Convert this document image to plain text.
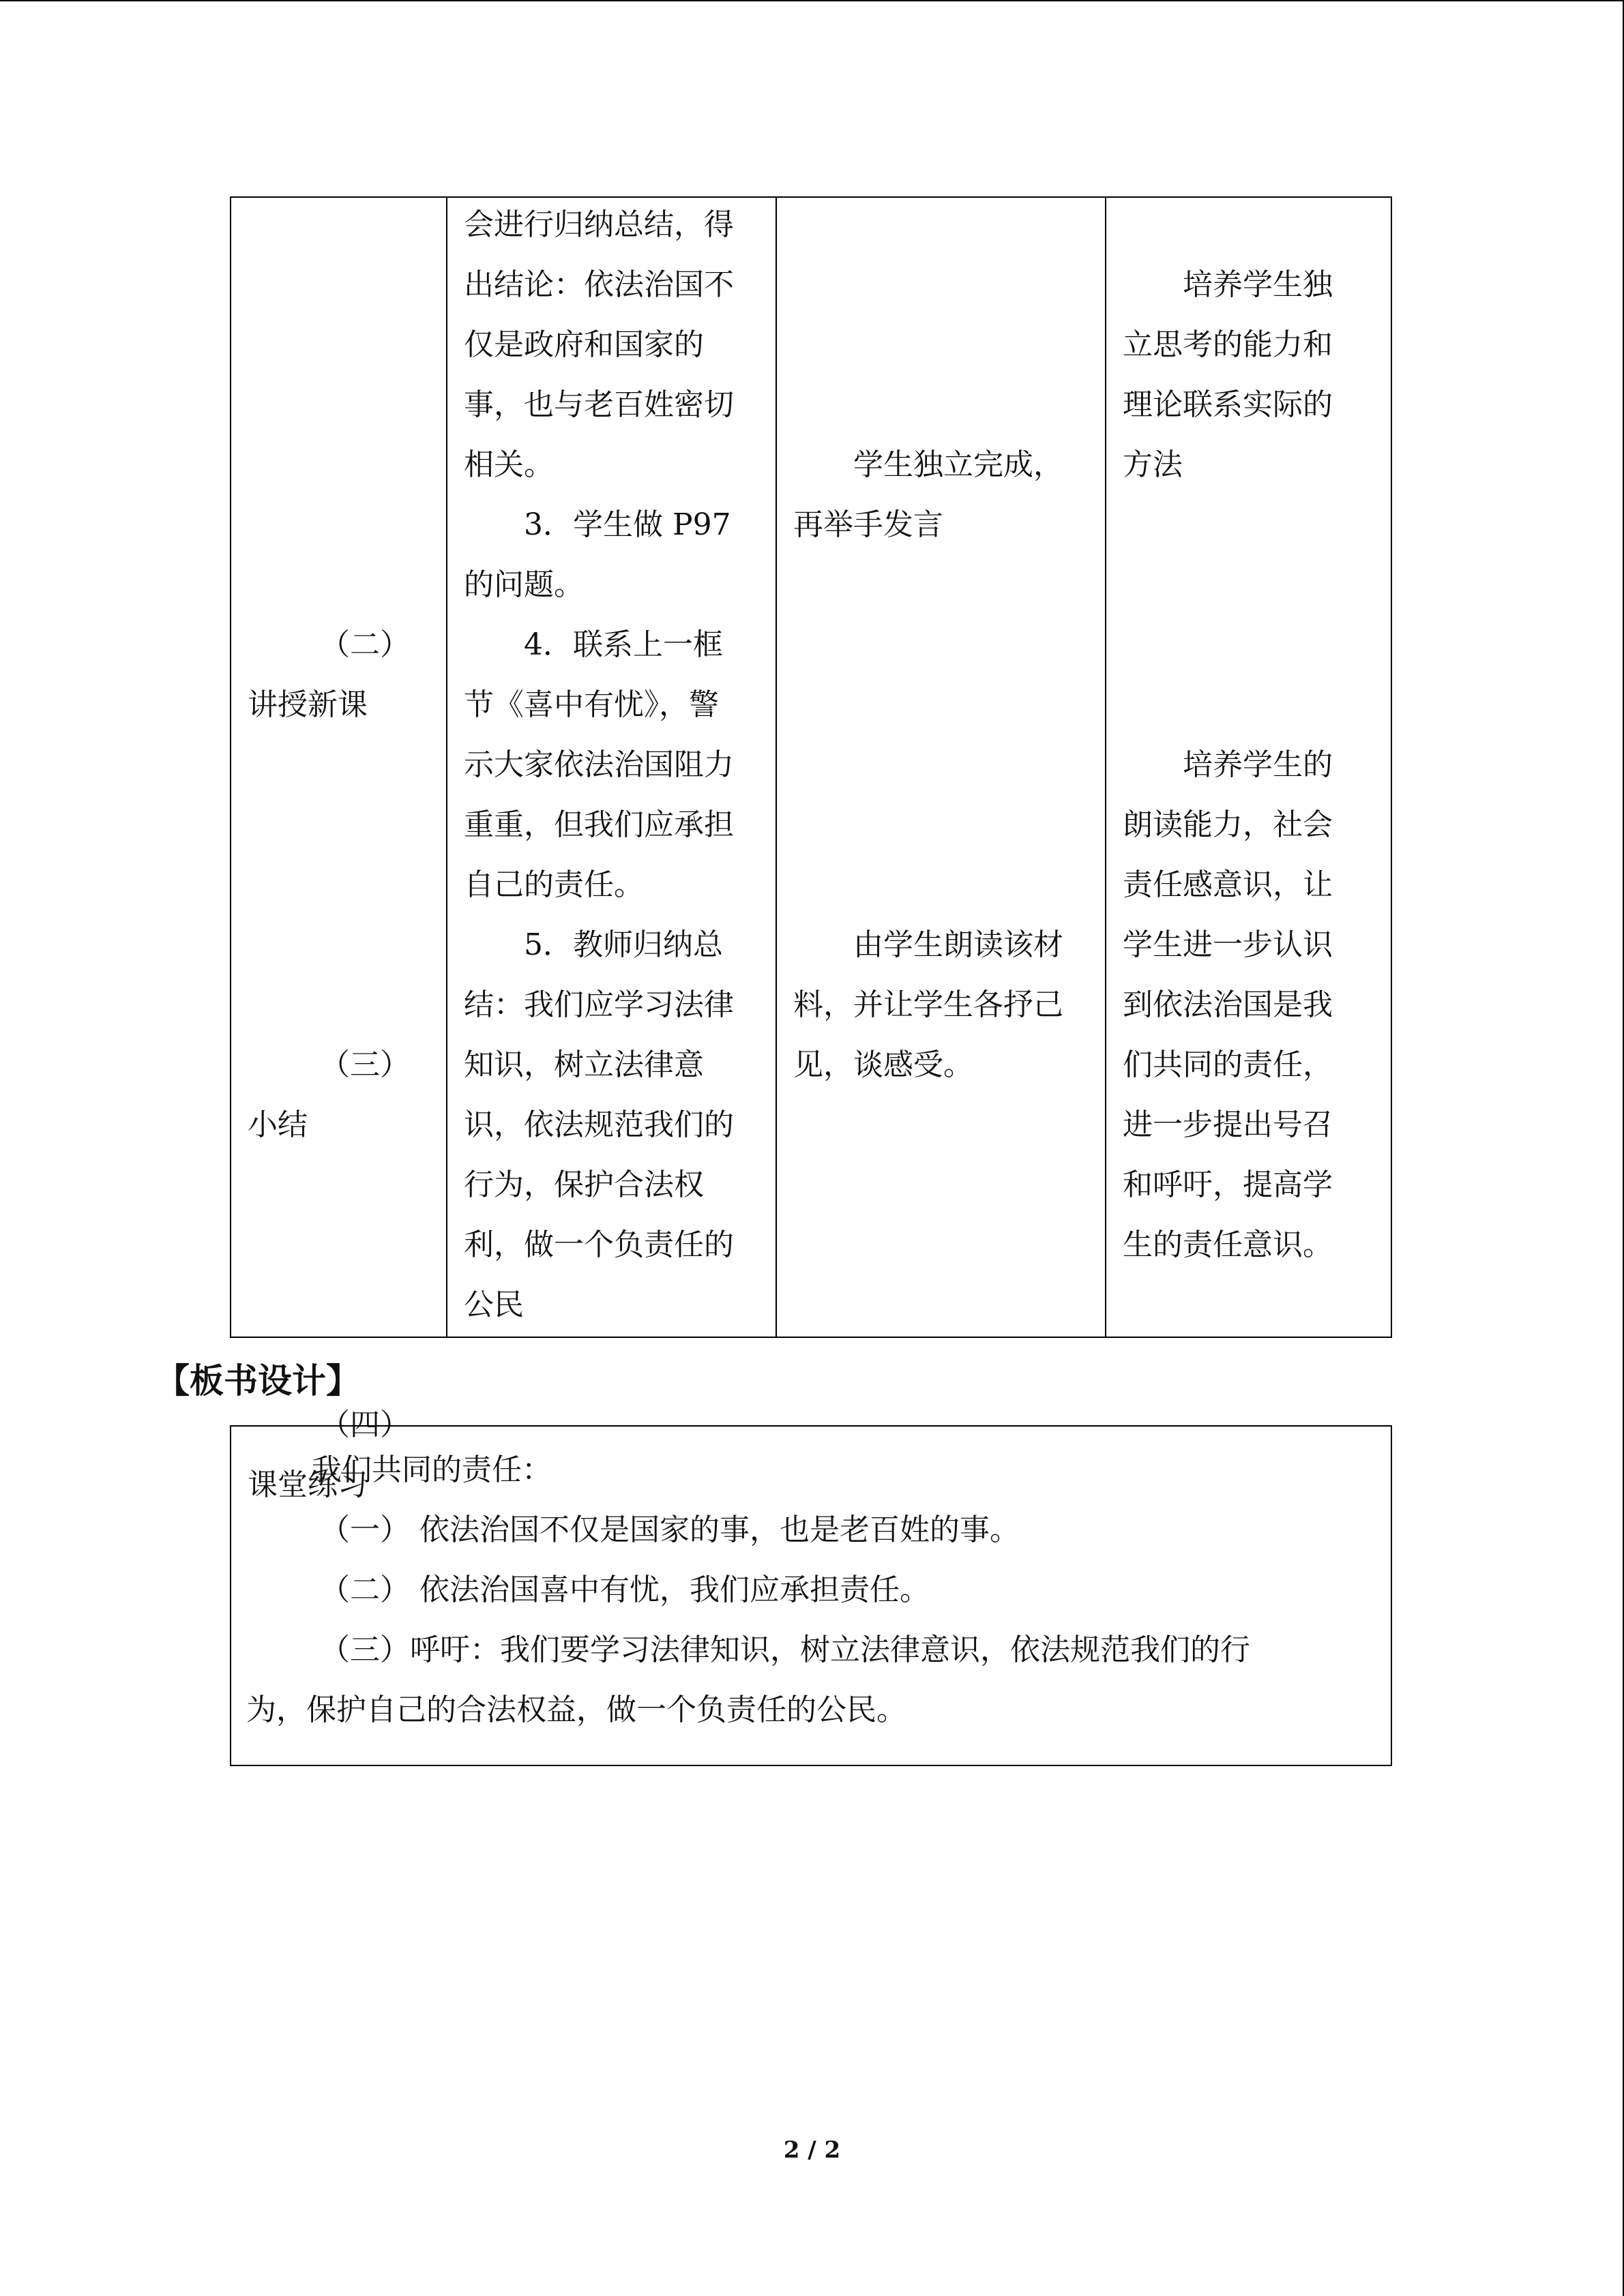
（二）
讲授新课
（三）
小结
（四）
课堂练习
会进行归纳总结，得
出结论：依法治国不
仅是政府和国家的
事，也与老百姓密切
相关。
3．学生做 P97
的问题。
4．联系上一框
节《喜中有忧》，警
示大家依法治国阻力
重重，但我们应承担
自己的责任。
5．教师归纳总
结：我们应学习法律
知识，树立法律意
识，依法规范我们的
行为，保护合法权
利，做一个负责任的
公民
学生独立完成，
再举手发言
由学生朗读该材
料，并让学生各抒己
见，谈感受。
培养学生独
立思考的能力和
理论联系实际的
方法
培养学生的
朗读能力，社会
责任感意识，让
学生进一步认识
到依法治国是我
们共同的责任，
进一步提出号召
和呼吁，提高学
生的责任意识。
【板书设计】
我们共同的责任：
（一） 依法治国不仅是国家的事，也是老百姓的事。
（二） 依法治国喜中有忧，我们应承担责任。
（三）呼吁：我们要学习法律知识，树立法律意识，依法规范我们的行
为，保护自己的合法权益，做一个负责任的公民。
2 / 2
